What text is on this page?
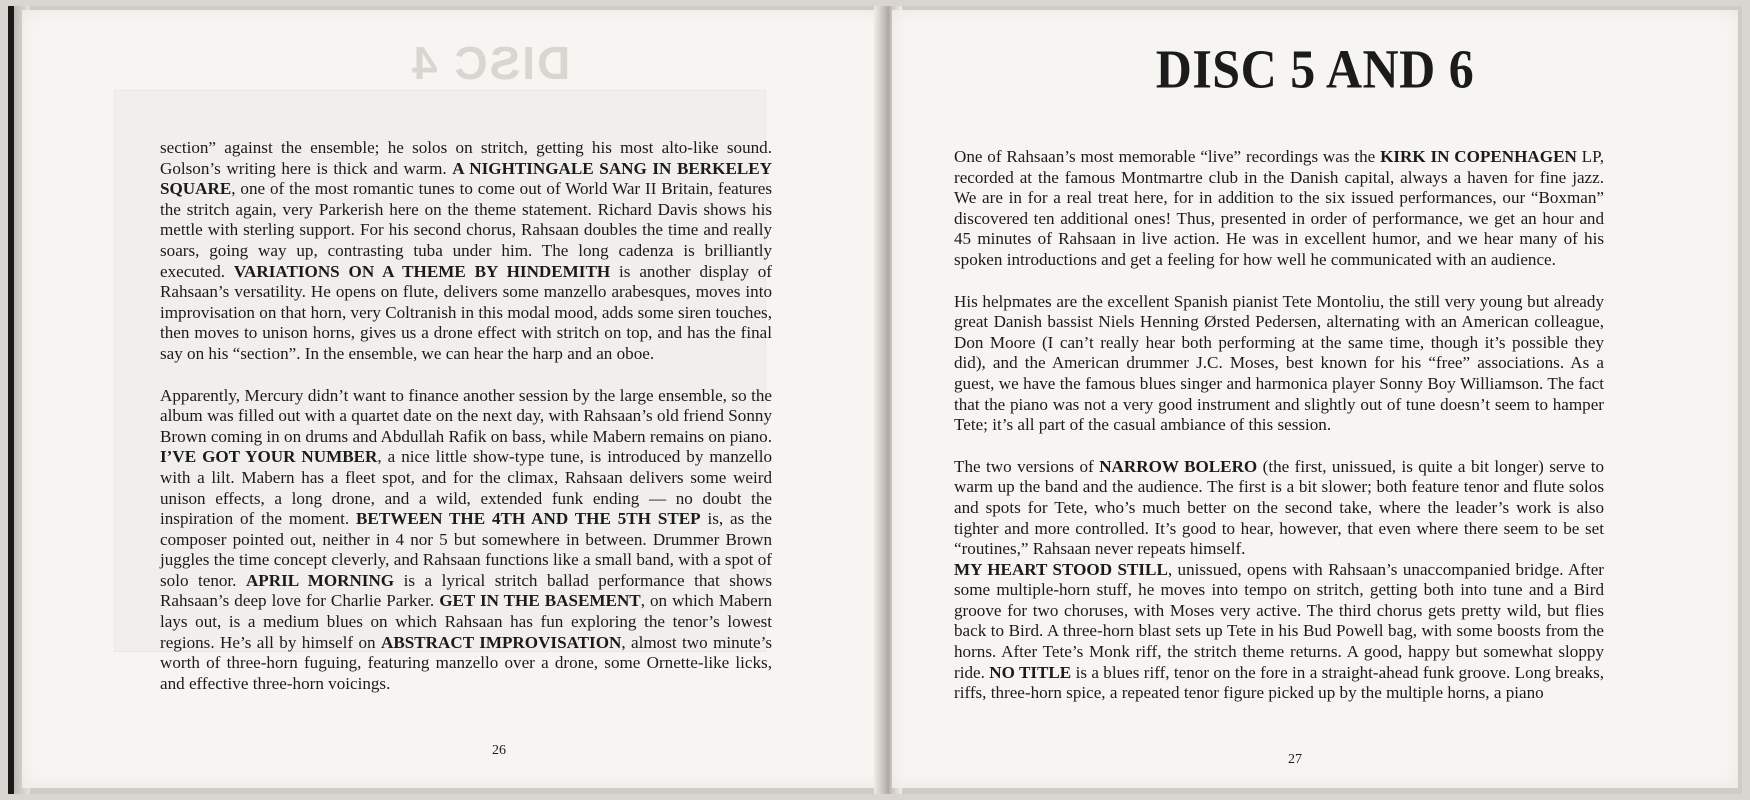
DISC 4

section” against the ensemble; he solos on stritch, getting his most alto-like sound. Golson’s writing here is thick and warm. A NIGHTINGALE SANG IN BERKELEY SQUARE, one of the most romantic tunes to come out of World War II Britain, features the stritch again, very Parkerish here on the theme statement. Richard Davis shows his mettle with sterling support. For his second chorus, Rahsaan doubles the time and really soars, going way up, contrasting tuba under him. The long cadenza is brilliantly executed. VARIATIONS ON A THEME BY HINDEMITH is another display of Rahsaan’s versatility. He opens on flute, delivers some manzello arabesques, moves into improvisation on that horn, very Coltranish in this modal mood, adds some siren touches, then moves to unison horns, gives us a drone effect with stritch on top, and has the final say on his “section”. In the ensemble, we can hear the harp and an oboe.

Apparently, Mercury didn’t want to finance another session by the large ensemble, so the album was filled out with a quartet date on the next day, with Rahsaan’s old friend Sonny Brown coming in on drums and Abdullah Rafik on bass, while Mabern remains on piano. I’VE GOT YOUR NUMBER, a nice little show-type tune, is introduced by manzello with a lilt. Mabern has a fleet spot, and for the climax, Rahsaan delivers some weird unison effects, a long drone, and a wild, extended funk ending — no doubt the inspiration of the moment. BETWEEN THE 4TH AND THE 5TH STEP is, as the composer pointed out, neither in 4 nor 5 but somewhere in between. Drummer Brown juggles the time concept cleverly, and Rahsaan functions like a small band, with a spot of solo tenor. APRIL MORNING is a lyrical stritch ballad performance that shows Rahsaan’s deep love for Charlie Parker. GET IN THE BASEMENT, on which Mabern lays out, is a medium blues on which Rahsaan has fun exploring the tenor’s lowest regions. He’s all by himself on ABSTRACT IMPROVISATION, almost two minute’s worth of three-horn fuguing, featuring manzello over a drone, some Ornette-like licks, and effective three-horn voicings.

26
DISC 5 AND 6

One of Rahsaan’s most memorable “live” recordings was the KIRK IN COPENHAGEN LP, recorded at the famous Montmartre club in the Danish capital, always a haven for fine jazz. We are in for a real treat here, for in addition to the six issued performances, our “Boxman” discovered ten additional ones! Thus, presented in order of performance, we get an hour and 45 minutes of Rahsaan in live action. He was in excellent humor, and we hear many of his spoken introductions and get a feeling for how well he communicated with an audience.

His helpmates are the excellent Spanish pianist Tete Montoliu, the still very young but already great Danish bassist Niels Henning Ørsted Pedersen, alternating with an American colleague, Don Moore (I can’t really hear both performing at the same time, though it’s possible they did), and the American drummer J.C. Moses, best known for his “free” associations. As a guest, we have the famous blues singer and harmonica player Sonny Boy Williamson. The fact that the piano was not a very good instrument and slightly out of tune doesn’t seem to hamper Tete; it’s all part of the casual ambiance of this session.

The two versions of NARROW BOLERO (the first, unissued, is quite a bit longer) serve to warm up the band and the audience. The first is a bit slower; both feature tenor and flute solos and spots for Tete, who’s much better on the second take, where the leader’s work is also tighter and more controlled. It’s good to hear, however, that even where there seem to be set “routines,” Rahsaan never repeats himself.

MY HEART STOOD STILL, unissued, opens with Rahsaan’s unaccompanied bridge. After some multiple-horn stuff, he moves into tempo on stritch, getting both into tune and a Bird groove for two choruses, with Moses very active. The third chorus gets pretty wild, but flies back to Bird. A three-horn blast sets up Tete in his Bud Powell bag, with some boosts from the horns. After Tete’s Monk riff, the stritch theme returns. A good, happy but somewhat sloppy ride. NO TITLE is a blues riff, tenor on the fore in a straight-ahead funk groove. Long breaks, riffs, three-horn spice, a repeated tenor figure picked up by the multiple horns, a piano

27
